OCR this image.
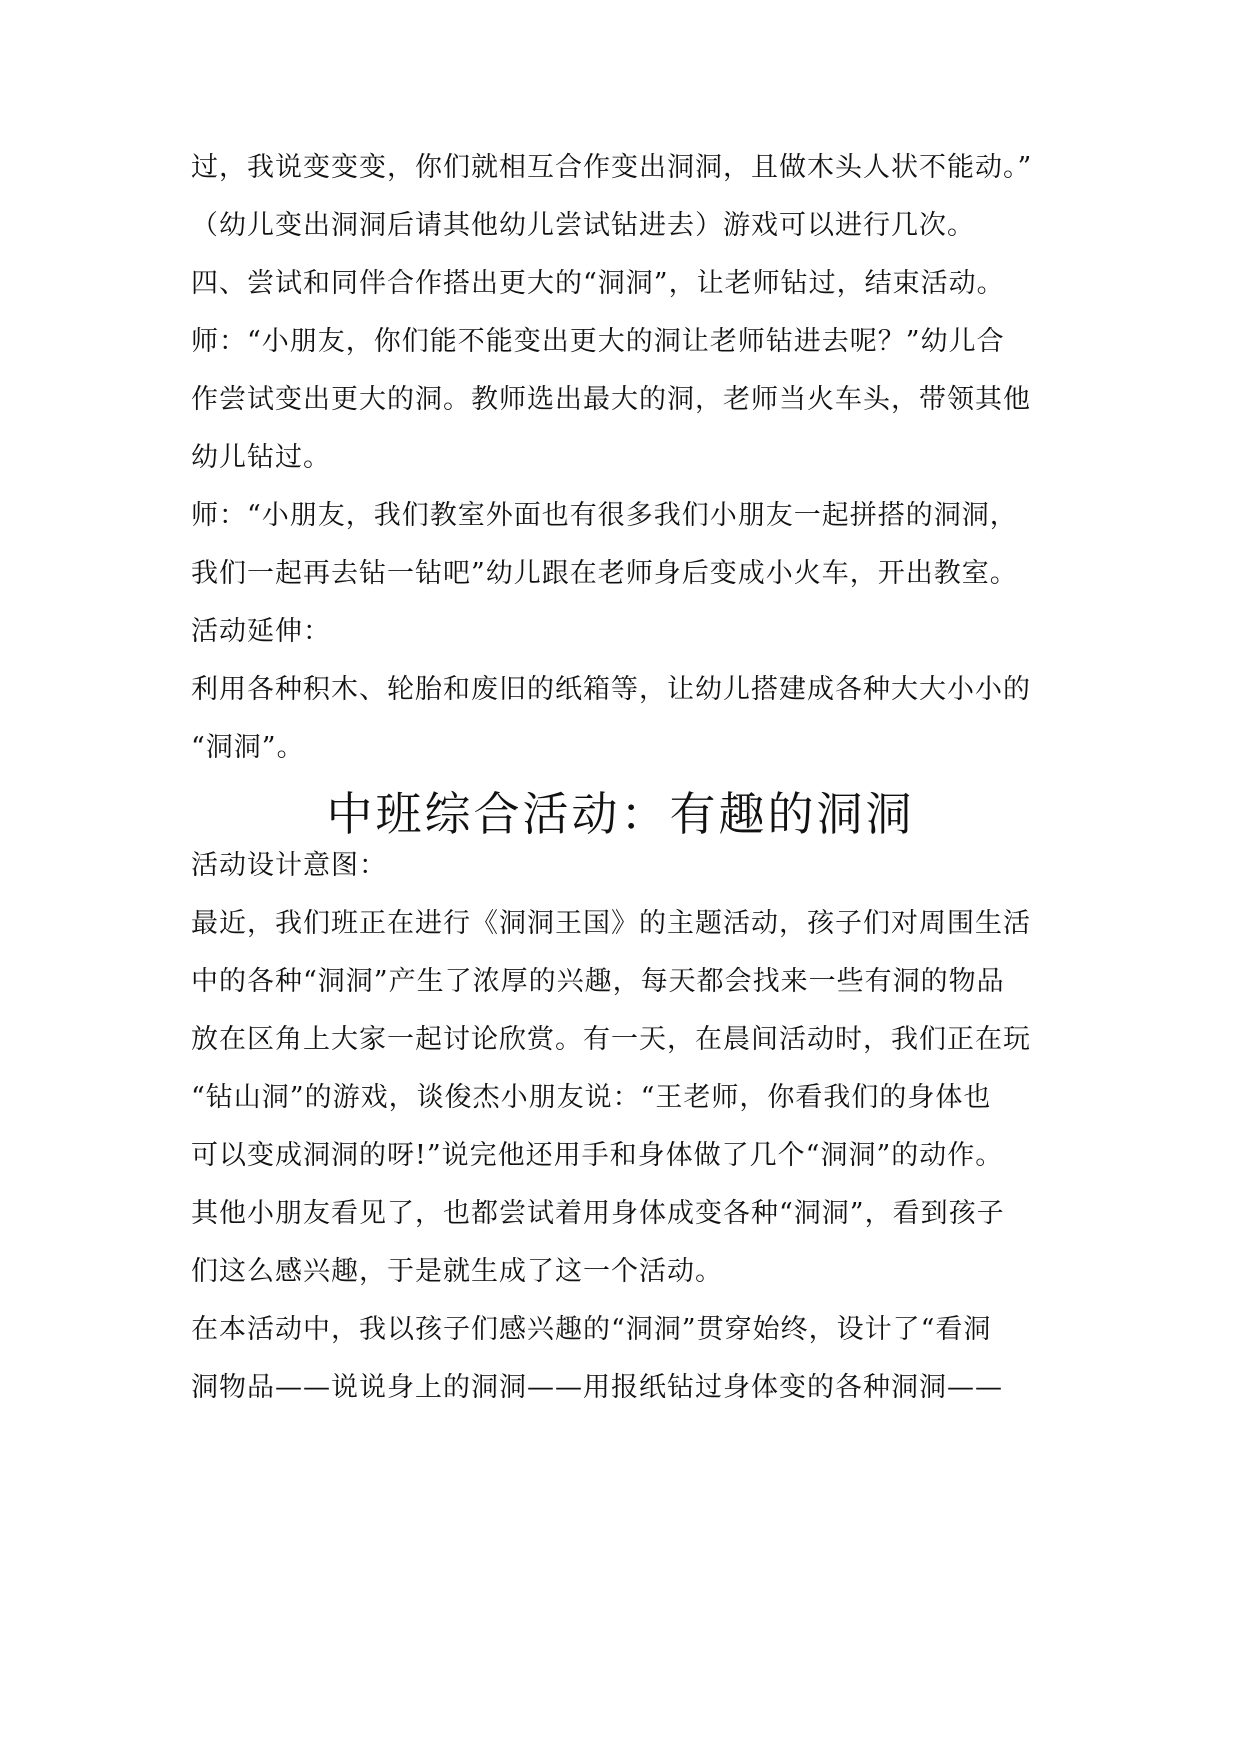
过，我说变变变，你们就相互合作变出洞洞，且做木头人状不能动。”
（幼儿变出洞洞后请其他幼儿尝试钻进去）游戏可以进行几次。
四、尝试和同伴合作搭出更大的“洞洞”，让老师钻过，结束活动。
师：“小朋友，你们能不能变出更大的洞让老师钻进去呢？”幼儿合
作尝试变出更大的洞。教师选出最大的洞，老师当火车头，带领其他
幼儿钻过。
师：“小朋友，我们教室外面也有很多我们小朋友一起拼搭的洞洞，
我们一起再去钻一钻吧”幼儿跟在老师身后变成小火车，开出教室。
活动延伸：
利用各种积木、轮胎和废旧的纸箱等，让幼儿搭建成各种大大小小的
“洞洞”。
中班综合活动：有趣的洞洞
活动设计意图：
最近，我们班正在进行《洞洞王国》的主题活动，孩子们对周围生活
中的各种“洞洞”产生了浓厚的兴趣，每天都会找来一些有洞的物品
放在区角上大家一起讨论欣赏。有一天，在晨间活动时，我们正在玩
“钻山洞”的游戏，谈俊杰小朋友说：“王老师，你看我们的身体也
可以变成洞洞的呀!”说完他还用手和身体做了几个“洞洞”的动作。
其他小朋友看见了，也都尝试着用身体成变各种“洞洞”，看到孩子
们这么感兴趣，于是就生成了这一个活动。
在本活动中，我以孩子们感兴趣的“洞洞”贯穿始终，设计了“看洞
洞物品——说说身上的洞洞——用报纸钻过身体变的各种洞洞——
